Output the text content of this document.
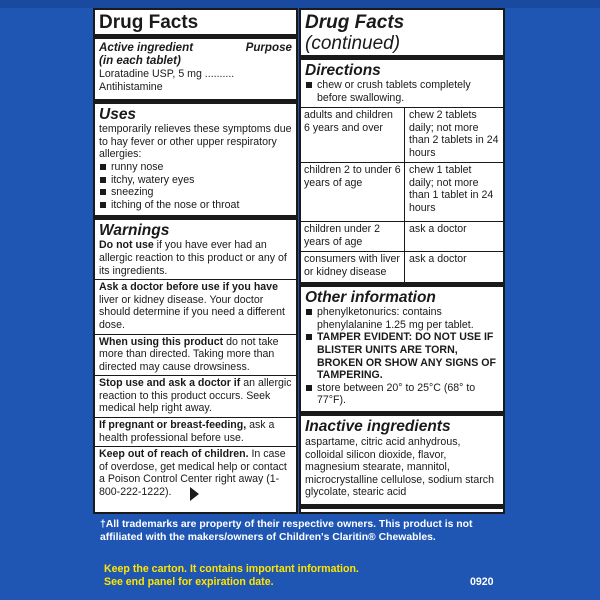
Drug Facts
Active ingredient	Purpose
(in each tablet)
Loratadine USP, 5 mg .......... Antihistamine
Uses
temporarily relieves these symptoms due to hay fever or other upper respiratory allergies:
runny nose
itchy, watery eyes
sneezing
itching of the nose or throat
Warnings
Do not use if you have ever had an allergic reaction to this product or any of its ingredients.
Ask a doctor before use if you have liver or kidney disease. Your doctor should determine if you need a different dose.
When using this product do not take more than directed. Taking more than directed may cause drowsiness.
Stop use and ask a doctor if an allergic reaction to this product occurs. Seek medical help right away.
If pregnant or breast-feeding, ask a health professional before use.
Keep out of reach of children. In case of overdose, get medical help or contact a Poison Control Center right away (1-800-222-1222).
Drug Facts (continued)
Directions
chew or crush tablets completely before swallowing.
adults and children 6 years and over
chew 2 tablets daily; not more than 2 tablets in 24 hours
children 2 to under 6 years of age
chew 1 tablet daily; not more than 1 tablet in 24 hours
children under 2 years of age
ask a doctor
consumers with liver or kidney disease
ask a doctor
Other information
phenylketonurics: contains phenylalanine 1.25 mg per tablet.
TAMPER EVIDENT: DO NOT USE IF BLISTER UNITS ARE TORN, BROKEN OR SHOW ANY SIGNS OF TAMPERING.
store between 20° to 25°C (68° to 77°F).
Inactive ingredients
aspartame, citric acid anhydrous, colloidal silicon dioxide, flavor, magnesium stearate, mannitol, microcrystalline cellulose, sodium starch glycolate, stearic acid

†All trademarks are property of their respective owners. This product is not affiliated with the makers/owners of Children's Claritin® Chewables.
Keep the carton. It contains important information.
See end panel for expiration date.	0920
